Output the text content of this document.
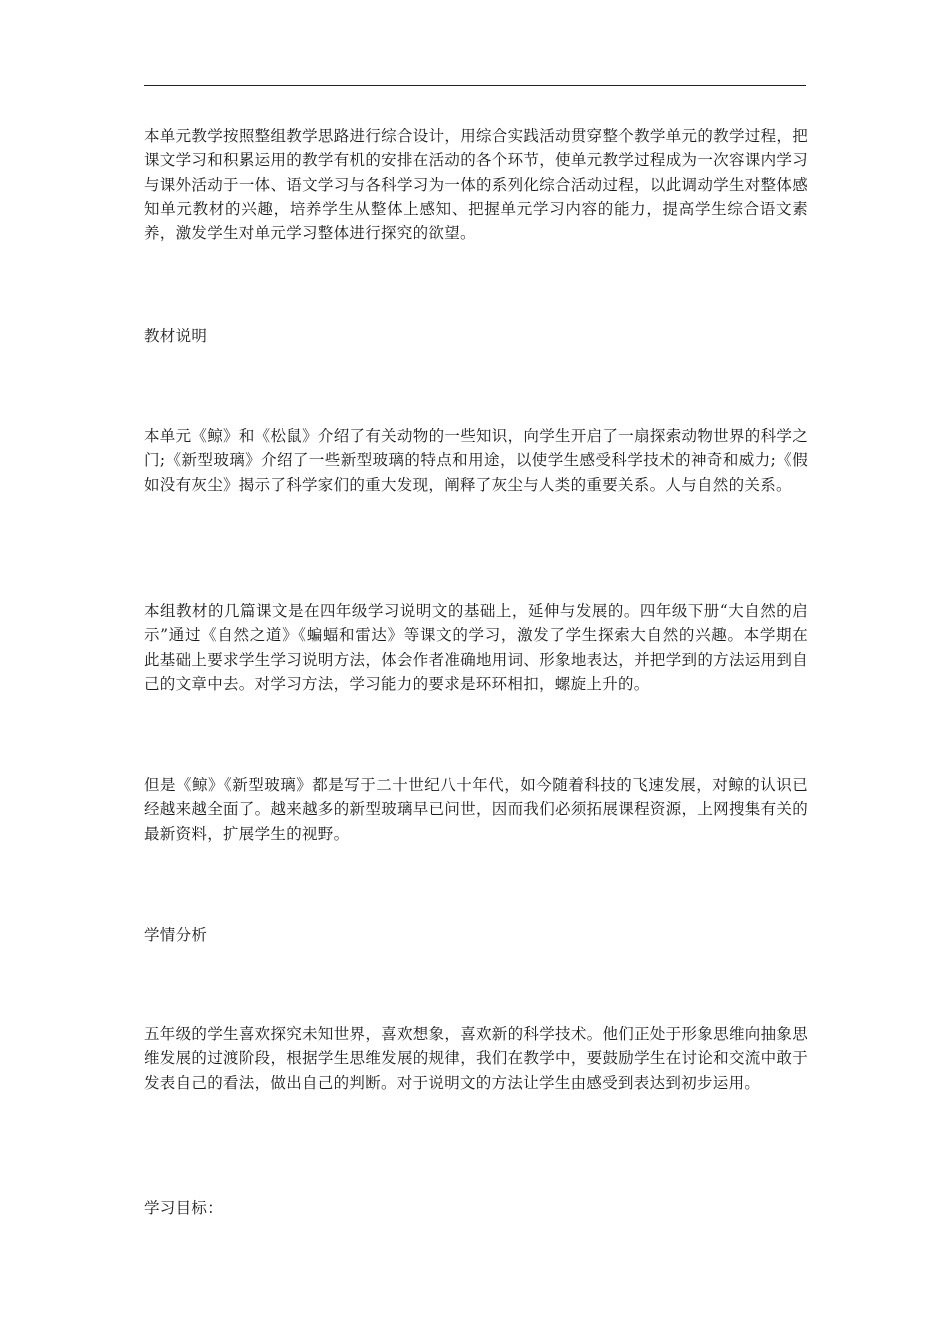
本单元教学按照整组教学思路进行综合设计，用综合实践活动贯穿整个教学单元的教学过程，把课文学习和积累运用的教学有机的安排在活动的各个环节，使单元教学过程成为一次容课内学习与课外活动于一体、语文学习与各科学习为一体的系列化综合活动过程，以此调动学生对整体感知单元教材的兴趣，培养学生从整体上感知、把握单元学习内容的能力，提高学生综合语文素养，激发学生对单元学习整体进行探究的欲望。

教材说明

本单元《鲸》和《松鼠》介绍了有关动物的一些知识，向学生开启了一扇探索动物世界的科学之门;《新型玻璃》介绍了一些新型玻璃的特点和用途，以使学生感受科学技术的神奇和威力;《假如没有灰尘》揭示了科学家们的重大发现，阐释了灰尘与人类的重要关系。人与自然的关系。

本组教材的几篇课文是在四年级学习说明文的基础上，延伸与发展的。四年级下册“大自然的启示”通过《自然之道》《蝙蝠和雷达》等课文的学习，激发了学生探索大自然的兴趣。本学期在此基础上要求学生学习说明方法，体会作者准确地用词、形象地表达，并把学到的方法运用到自己的文章中去。对学习方法，学习能力的要求是环环相扣，螺旋上升的。

但是《鲸》《新型玻璃》都是写于二十世纪八十年代，如今随着科技的飞速发展，对鲸的认识已经越来越全面了。越来越多的新型玻璃早已问世，因而我们必须拓展课程资源，上网搜集有关的最新资料，扩展学生的视野。

学情分析

五年级的学生喜欢探究未知世界，喜欢想象，喜欢新的科学技术。他们正处于形象思维向抽象思维发展的过渡阶段，根据学生思维发展的规律，我们在教学中，要鼓励学生在讨论和交流中敢于发表自己的看法，做出自己的判断。对于说明文的方法让学生由感受到表达到初步运用。

学习目标：
